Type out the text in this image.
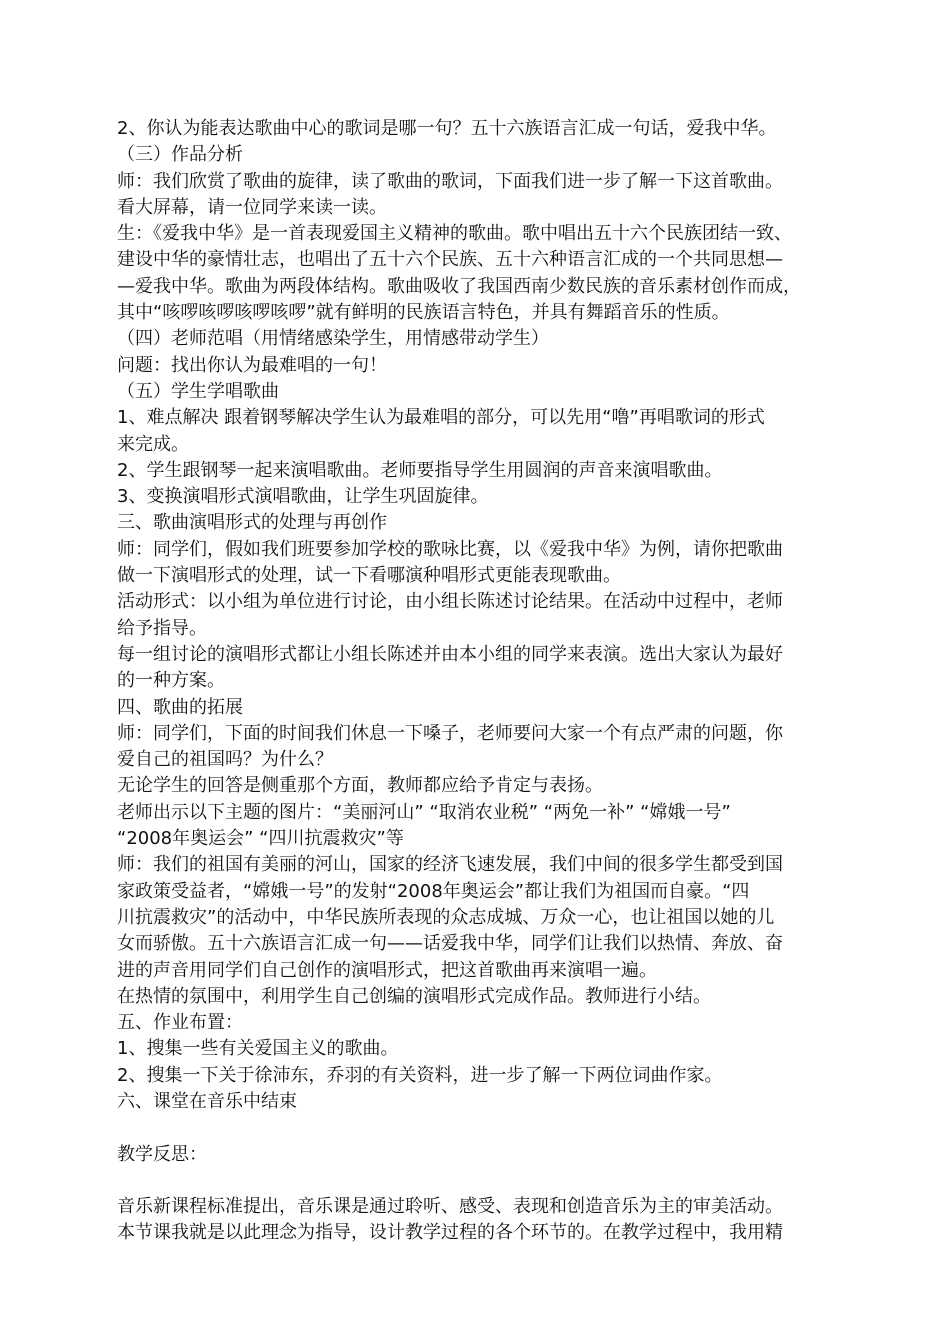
2、你认为能表达歌曲中心的歌词是哪一句？五十六族语言汇成一句话，爱我中华。
（三）作品分析
师：我们欣赏了歌曲的旋律，读了歌曲的歌词，下面我们进一步了解一下这首歌曲。
看大屏幕，请一位同学来读一读。
生：《爱我中华》是一首表现爱国主义精神的歌曲。歌中唱出五十六个民族团结一致、
建设中华的豪情壮志，也唱出了五十六个民族、五十六种语言汇成的一个共同思想—
—爱我中华。歌曲为两段体结构。歌曲吸收了我国西南少数民族的音乐素材创作而成，
其中“咳啰咳啰咳啰咳啰”就有鲜明的民族语言特色，并具有舞蹈音乐的性质。
（四）老师范唱（用情绪感染学生，用情感带动学生）
问题：找出你认为最难唱的一句！
（五）学生学唱歌曲
1、难点解决 跟着钢琴解决学生认为最难唱的部分，可以先用“噜”再唱歌词的形式
来完成。
2、学生跟钢琴一起来演唱歌曲。老师要指导学生用圆润的声音来演唱歌曲。
3、变换演唱形式演唱歌曲，让学生巩固旋律。
三、歌曲演唱形式的处理与再创作
师：同学们，假如我们班要参加学校的歌咏比赛，以《爱我中华》为例，请你把歌曲
做一下演唱形式的处理，试一下看哪演种唱形式更能表现歌曲。
活动形式：以小组为单位进行讨论，由小组长陈述讨论结果。在活动中过程中，老师
给予指导。
每一组讨论的演唱形式都让小组长陈述并由本小组的同学来表演。选出大家认为最好
的一种方案。
四、歌曲的拓展
师：同学们，下面的时间我们休息一下嗓子，老师要问大家一个有点严肃的问题，你
爱自己的祖国吗？为什么？
无论学生的回答是侧重那个方面，教师都应给予肯定与表扬。
老师出示以下主题的图片：“美丽河山” “取消农业税” “两免一补” “嫦娥一号”
“2008年奥运会” “四川抗震救灾”等
师：我们的祖国有美丽的河山，国家的经济飞速发展，我们中间的很多学生都受到国
家政策受益者，“嫦娥一号”的发射“2008年奥运会”都让我们为祖国而自豪。“四
川抗震救灾”的活动中，中华民族所表现的众志成城、万众一心，也让祖国以她的儿
女而骄傲。五十六族语言汇成一句——话爱我中华，同学们让我们以热情、奔放、奋
进的声音用同学们自己创作的演唱形式，把这首歌曲再来演唱一遍。
在热情的氛围中，利用学生自己创编的演唱形式完成作品。教师进行小结。
五、作业布置：
1、搜集一些有关爱国主义的歌曲。
2、搜集一下关于徐沛东，乔羽的有关资料，进一步了解一下两位词曲作家。
六、课堂在音乐中结束
教学反思：
音乐新课程标准提出，音乐课是通过聆听、感受、表现和创造音乐为主的审美活动。
本节课我就是以此理念为指导，设计教学过程的各个环节的。在教学过程中，我用精
